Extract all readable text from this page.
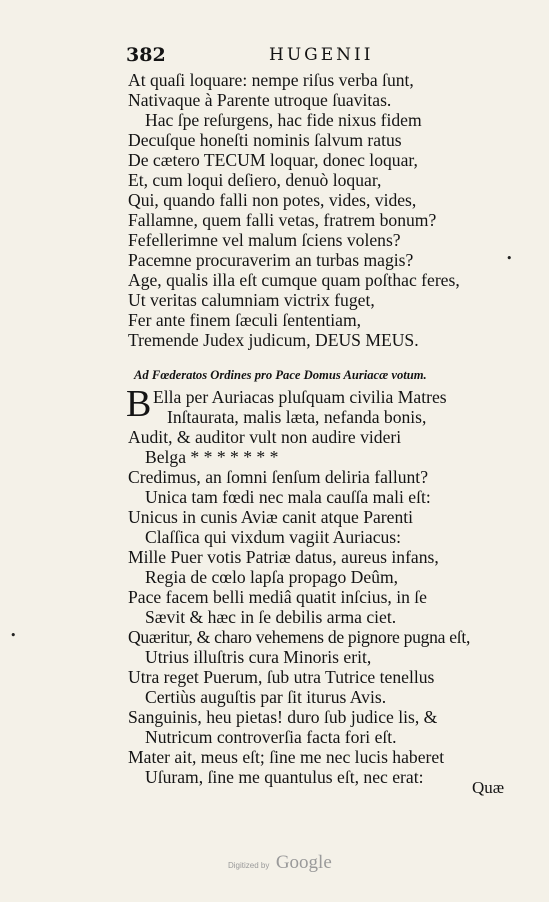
382	HUGENII
At quaſi loquare: nempe riſus verba ſunt,
Nativaque à Parente utroque ſuavitas.
Hac ſpe reſurgens, hac fide nixus fidem
Decuſque honeſti nominis ſalvum ratus
De cætero TECUM loquar, donec loquar,
Et, cum loqui deſiero, denuò loquar,
Qui, quando falli non potes, vides, vides,
Fallamne, quem falli vetas, fratrem bonum?
Fefellerimne vel malum ſciens volens?
Pacemne procuraverim an turbas magis?
Age, qualis illa eſt cumque quam poſthac feres,
Ut veritas calumniam victrix fuget,
Fer ante finem ſæculi ſententiam,
Tremende Judex judicum, DEUS MEUS.
Ad Fœderatos Ordines pro Pace Domus Auriacæ votum.
B Ella per Auriacas pluſquam civilia Matres
Inſtaurata, malis læta, nefanda bonis,
Audit, & auditor vult non audire videri
Belga * * * * * * *
Credimus, an ſomni ſenſum deliria fallunt?
Unica tam fœdi nec mala cauſſa mali eſt:
Unicus in cunis Aviæ canit atque Parenti
Claſſica qui vixdum vagiit Auriacus:
Mille Puer votis Patriæ datus, aureus infans,
Regia de cœlo lapſa propago Deûm,
Pace facem belli mediâ quatit inſcius, in ſe
Sævit & hæc in ſe debilis arma ciet.
Quæritur, & charo vehemens de pignore pugna eſt,
Utrius illuſtris cura Minoris erit,
Utra reget Puerum, ſub utra Tutrice tenellus
Certiùs auguſtis par ſit iturus Avis.
Sanguinis, heu pietas! duro ſub judice lis, &
Nutricum controverſia facta fori eſt.
Mater ait, meus eſt; ſine me nec lucis haberet
Uſuram, ſine me quantulus eſt, nec erat:
Quæ
•
•
Digitized by Google
